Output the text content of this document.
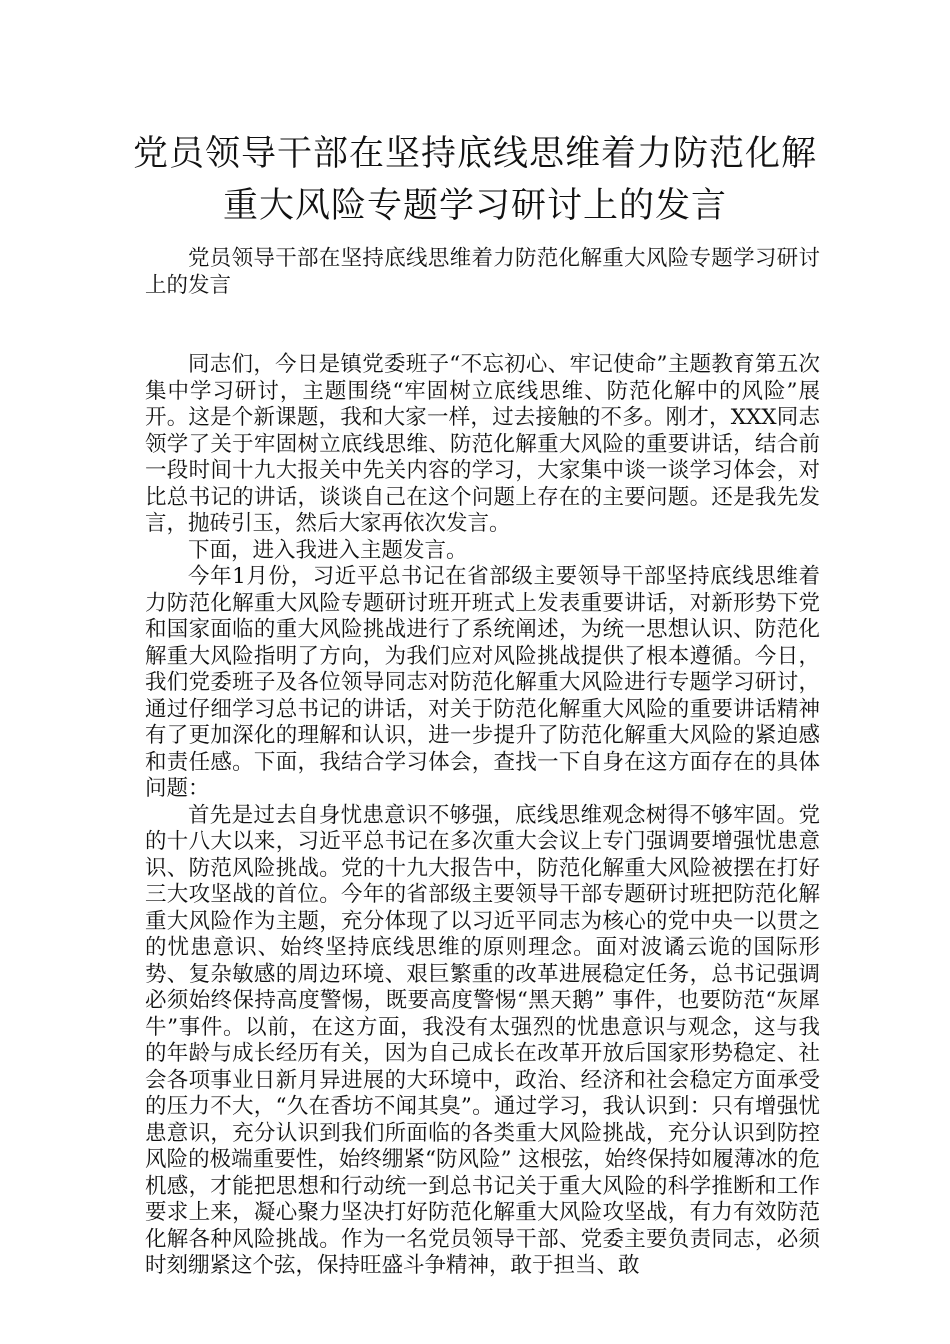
党员领导干部在坚持底线思维着力防范化解重大风险专题学习研讨上的发言

党员领导干部在坚持底线思维着力防范化解重大风险专题学习研讨上的发言

同志们，今日是镇党委班子“不忘初心、牢记使命”主题教育第五次集中学习研讨，主题围绕“牢固树立底线思维、防范化解中的风险”展开。这是个新课题，我和大家一样，过去接触的不多。刚才，XXX同志领学了关于牢固树立底线思维、防范化解重大风险的重要讲话，结合前一段时间十九大报关中先关内容的学习，大家集中谈一谈学习体会，对比总书记的讲话，谈谈自己在这个问题上存在的主要问题。还是我先发言，抛砖引玉，然后大家再依次发言。

下面，进入我进入主题发言。

今年1月份，习近平总书记在省部级主要领导干部坚持底线思维着力防范化解重大风险专题研讨班开班式上发表重要讲话，对新形势下党和国家面临的重大风险挑战进行了系统阐述，为统一思想认识、防范化解重大风险指明了方向，为我们应对风险挑战提供了根本遵循。今日，我们党委班子及各位领导同志对防范化解重大风险进行专题学习研讨，通过仔细学习总书记的讲话，对关于防范化解重大风险的重要讲话精神有了更加深化的理解和认识，进一步提升了防范化解重大风险的紧迫感和责任感。下面，我结合学习体会，查找一下自身在这方面存在的具体问题：

首先是过去自身忧患意识不够强，底线思维观念树得不够牢固。党的十八大以来，习近平总书记在多次重大会议上专门强调要增强忧患意识、防范风险挑战。党的十九大报告中，防范化解重大风险被摆在打好三大攻坚战的首位。今年的省部级主要领导干部专题研讨班把防范化解重大风险作为主题，充分体现了以习近平同志为核心的党中央一以贯之的忧患意识、始终坚持底线思维的原则理念。面对波谲云诡的国际形势、复杂敏感的周边环境、艰巨繁重的改革进展稳定任务，总书记强调必须始终保持高度警惕，既要高度警惕“黑天鹅” 事件，也要防范“灰犀牛”事件。以前，在这方面，我没有太强烈的忧患意识与观念，这与我的年龄与成长经历有关，因为自己成长在改革开放后国家形势稳定、社会各项事业日新月异进展的大环境中，政治、经济和社会稳定方面承受的压力不大，“久在香坊不闻其臭”。通过学习，我认识到：只有增强忧患意识，充分认识到我们所面临的各类重大风险挑战，充分认识到防控风险的极端重要性，始终绷紧“防风险” 这根弦，始终保持如履薄冰的危机感，才能把思想和行动统一到总书记关于重大风险的科学推断和工作要求上来，凝心聚力坚决打好防范化解重大风险攻坚战，有力有效防范化解各种风险挑战。作为一名党员领导干部、党委主要负责同志，必须时刻绷紧这个弦，保持旺盛斗争精神，敢于担当、敢
